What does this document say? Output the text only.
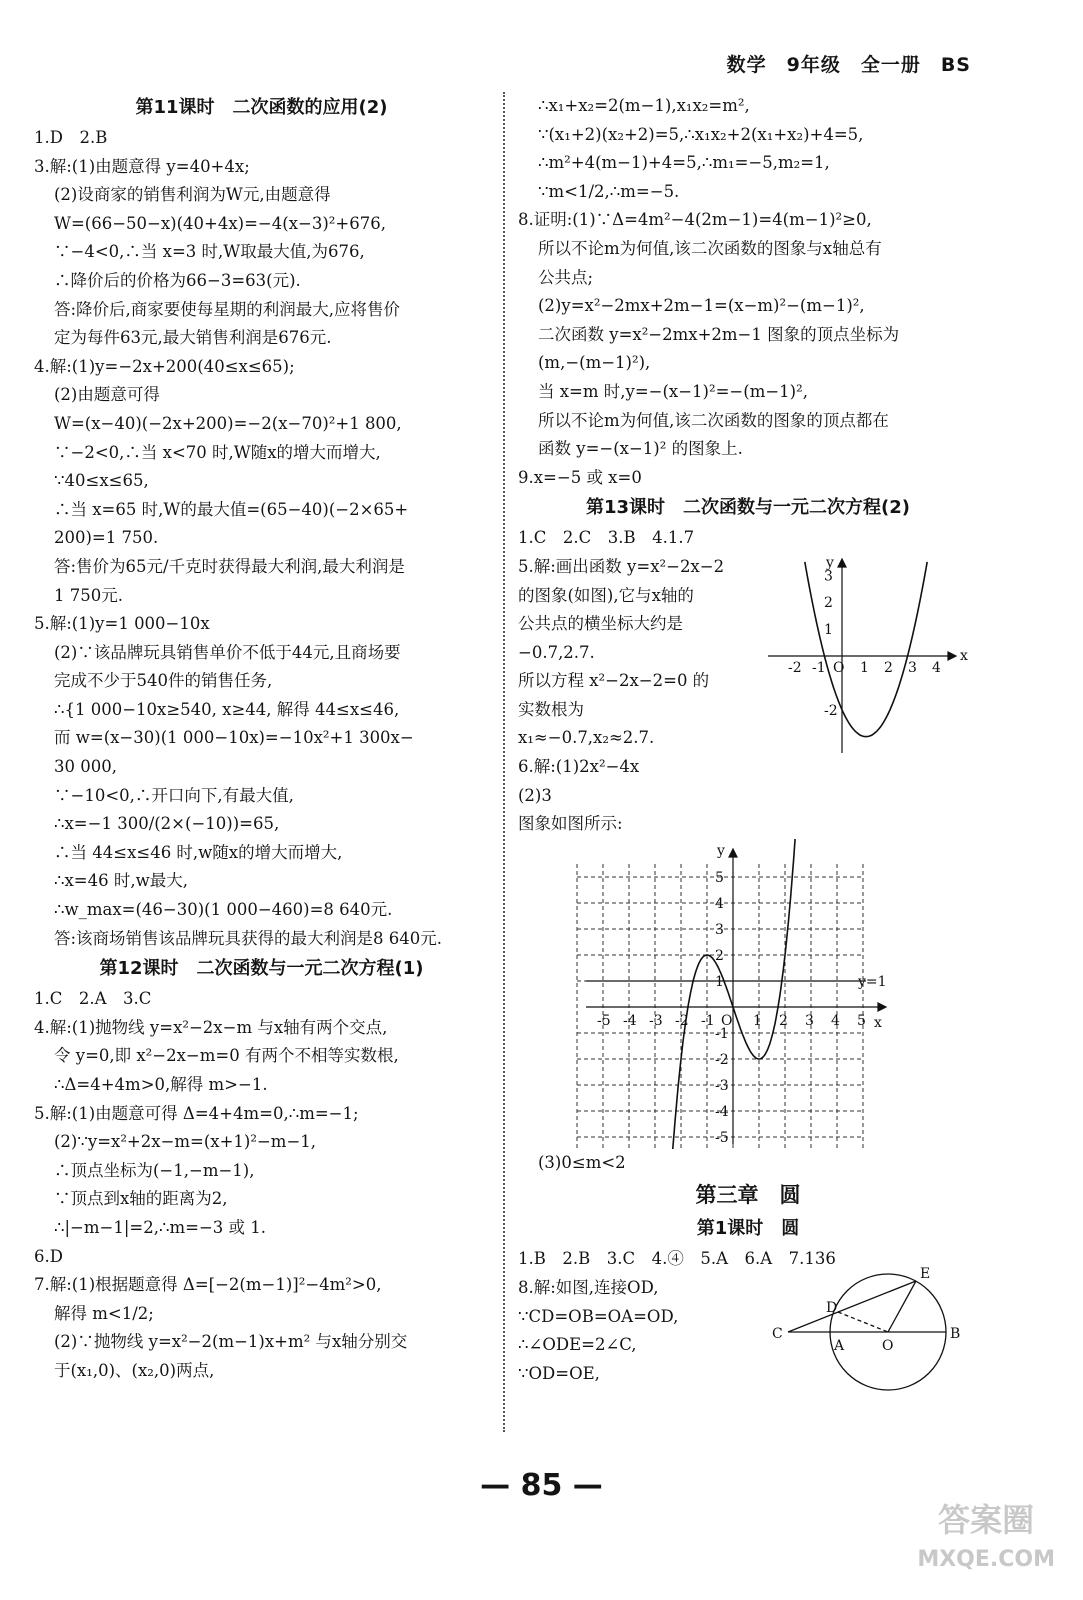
数学　9年级　全一册　BS
第11课时　二次函数的应用(2)
1.D　2.B
3.解:(1)由题意得 y=40+4x;
(2)设商家的销售利润为W元,由题意得
W=(66−50−x)(40+4x)=−4(x−3)²+676,
∵−4<0,∴当 x=3 时,W取最大值,为676,
∴降价后的价格为66−3=63(元).
答:降价后,商家要使每星期的利润最大,应将售价
定为每件63元,最大销售利润是676元.
4.解:(1)y=−2x+200(40≤x≤65);
(2)由题意可得
W=(x−40)(−2x+200)=−2(x−70)²+1 800,
∵−2<0,∴当 x<70 时,W随x的增大而增大,
∵40≤x≤65,
∴当 x=65 时,W的最大值=(65−40)(−2×65+
200)=1 750.
答:售价为65元/千克时获得最大利润,最大利润是
1 750元.
5.解:(1)y=1 000−10x
(2)∵该品牌玩具销售单价不低于44元,且商场要
完成不少于540件的销售任务,
∴{1 000−10x≥540, x≥44, 解得 44≤x≤46,
而 w=(x−30)(1 000−10x)=−10x²+1 300x−
30 000,
∵−10<0,∴开口向下,有最大值,
∴x=−1 300/(2×(−10))=65,
∴当 44≤x≤46 时,w随x的增大而增大,
∴x=46 时,w最大,
∴w_max=(46−30)(1 000−460)=8 640元.
答:该商场销售该品牌玩具获得的最大利润是8 640元.
第12课时　二次函数与一元二次方程(1)
1.C　2.A　3.C
4.解:(1)抛物线 y=x²−2x−m 与x轴有两个交点,
令 y=0,即 x²−2x−m=0 有两个不相等实数根,
∴Δ=4+4m>0,解得 m>−1.
5.解:(1)由题意可得 Δ=4+4m=0,∴m=−1;
(2)∵y=x²+2x−m=(x+1)²−m−1,
∴顶点坐标为(−1,−m−1),
∵顶点到x轴的距离为2,
∴|−m−1|=2,∴m=−3 或 1.
6.D
7.解:(1)根据题意得 Δ=[−2(m−1)]²−4m²>0,
解得 m<1/2;
(2)∵抛物线 y=x²−2(m−1)x+m² 与x轴分别交
于(x₁,0)、(x₂,0)两点,
∴x₁+x₂=2(m−1),x₁x₂=m²,
∵(x₁+2)(x₂+2)=5,∴x₁x₂+2(x₁+x₂)+4=5,
∴m²+4(m−1)+4=5,∴m₁=−5,m₂=1,
∵m<1/2,∴m=−5.
8.证明:(1)∵Δ=4m²−4(2m−1)=4(m−1)²≥0,
所以不论m为何值,该二次函数的图象与x轴总有
公共点;
(2)y=x²−2mx+2m−1=(x−m)²−(m−1)²,
二次函数 y=x²−2mx+2m−1 图象的顶点坐标为
(m,−(m−1)²),
当 x=m 时,y=−(x−1)²=−(m−1)²,
所以不论m为何值,该二次函数的图象的顶点都在
函数 y=−(x−1)² 的图象上.
9.x=−5 或 x=0
第13课时　二次函数与一元二次方程(2)
1.C　2.C　3.B　4.1.7
5.解:画出函数 y=x²−2x−2
的图象(如图),它与x轴的
公共点的横坐标大约是
−0.7,2.7.
所以方程 x²−2x−2=0 的
实数根为
x₁≈−0.7,x₂≈2.7.
-2 -1 O 1 2 3 4
3
2
1
-2
x
y
6.解:(1)2x²−4x
(2)3
图象如图所示:
-5 -4 -3 -2 -1	1 2 3 4 5
5
4
3
2
1
-1
-2
-3
-4
-5
O	x
y
y=1
(3)0≤m<2
第三章　圆
第1课时　圆
1.B　2.B　3.C　4.④　5.A　6.A　7.136
8.解:如图,连接OD,
∵CD=OB=OA=OD,
∴∠ODE=2∠C,
∵OD=OE,
E
D
C
A	O
B
— 85 —
答案圈
MXQE.COM
